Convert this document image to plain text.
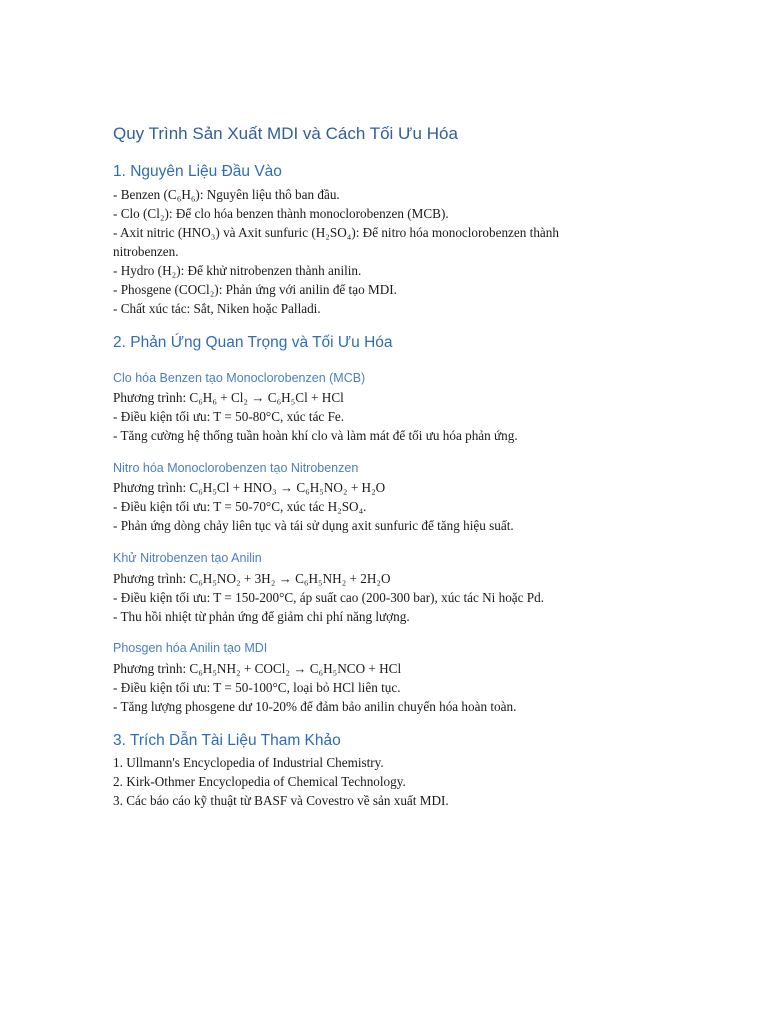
Quy Trình Sản Xuất MDI và Cách Tối Ưu Hóa
1. Nguyên Liệu Đầu Vào
- Benzen (C₆H₆): Nguyên liệu thô ban đầu.
- Clo (Cl₂): Để clo hóa benzen thành monoclorobenzen (MCB).
- Axit nitric (HNO₃) và Axit sunfuric (H₂SO₄): Để nitro hóa monoclorobenzen thành
nitrobenzen.
- Hydro (H₂): Để khử nitrobenzen thành anilin.
- Phosgene (COCl₂): Phản ứng với anilin để tạo MDI.
- Chất xúc tác: Sắt, Niken hoặc Palladi.
2. Phản Ứng Quan Trọng và Tối Ưu Hóa
Clo hóa Benzen tạo Monoclorobenzen (MCB)
Phương trình: C₆H₆ + Cl₂ → C₆H₅Cl + HCl
- Điều kiện tối ưu: T = 50-80°C, xúc tác Fe.
- Tăng cường hệ thống tuần hoàn khí clo và làm mát để tối ưu hóa phản ứng.
Nitro hóa Monoclorobenzen tạo Nitrobenzen
Phương trình: C₆H₅Cl + HNO₃ → C₆H₅NO₂ + H₂O
- Điều kiện tối ưu: T = 50-70°C, xúc tác H₂SO₄.
- Phản ứng dòng chảy liên tục và tái sử dụng axit sunfuric để tăng hiệu suất.
Khử Nitrobenzen tạo Anilin
Phương trình: C₆H₅NO₂ + 3H₂ → C₆H₅NH₂ + 2H₂O
- Điều kiện tối ưu: T = 150-200°C, áp suất cao (200-300 bar), xúc tác Ni hoặc Pd.
- Thu hồi nhiệt từ phản ứng để giảm chi phí năng lượng.
Phosgen hóa Anilin tạo MDI
Phương trình: C₆H₅NH₂ + COCl₂ → C₆H₅NCO + HCl
- Điều kiện tối ưu: T = 50-100°C, loại bỏ HCl liên tục.
- Tăng lượng phosgene dư 10-20% để đảm bảo anilin chuyển hóa hoàn toàn.
3. Trích Dẫn Tài Liệu Tham Khảo
1. Ullmann's Encyclopedia of Industrial Chemistry.
2. Kirk-Othmer Encyclopedia of Chemical Technology.
3. Các báo cáo kỹ thuật từ BASF và Covestro về sản xuất MDI.
